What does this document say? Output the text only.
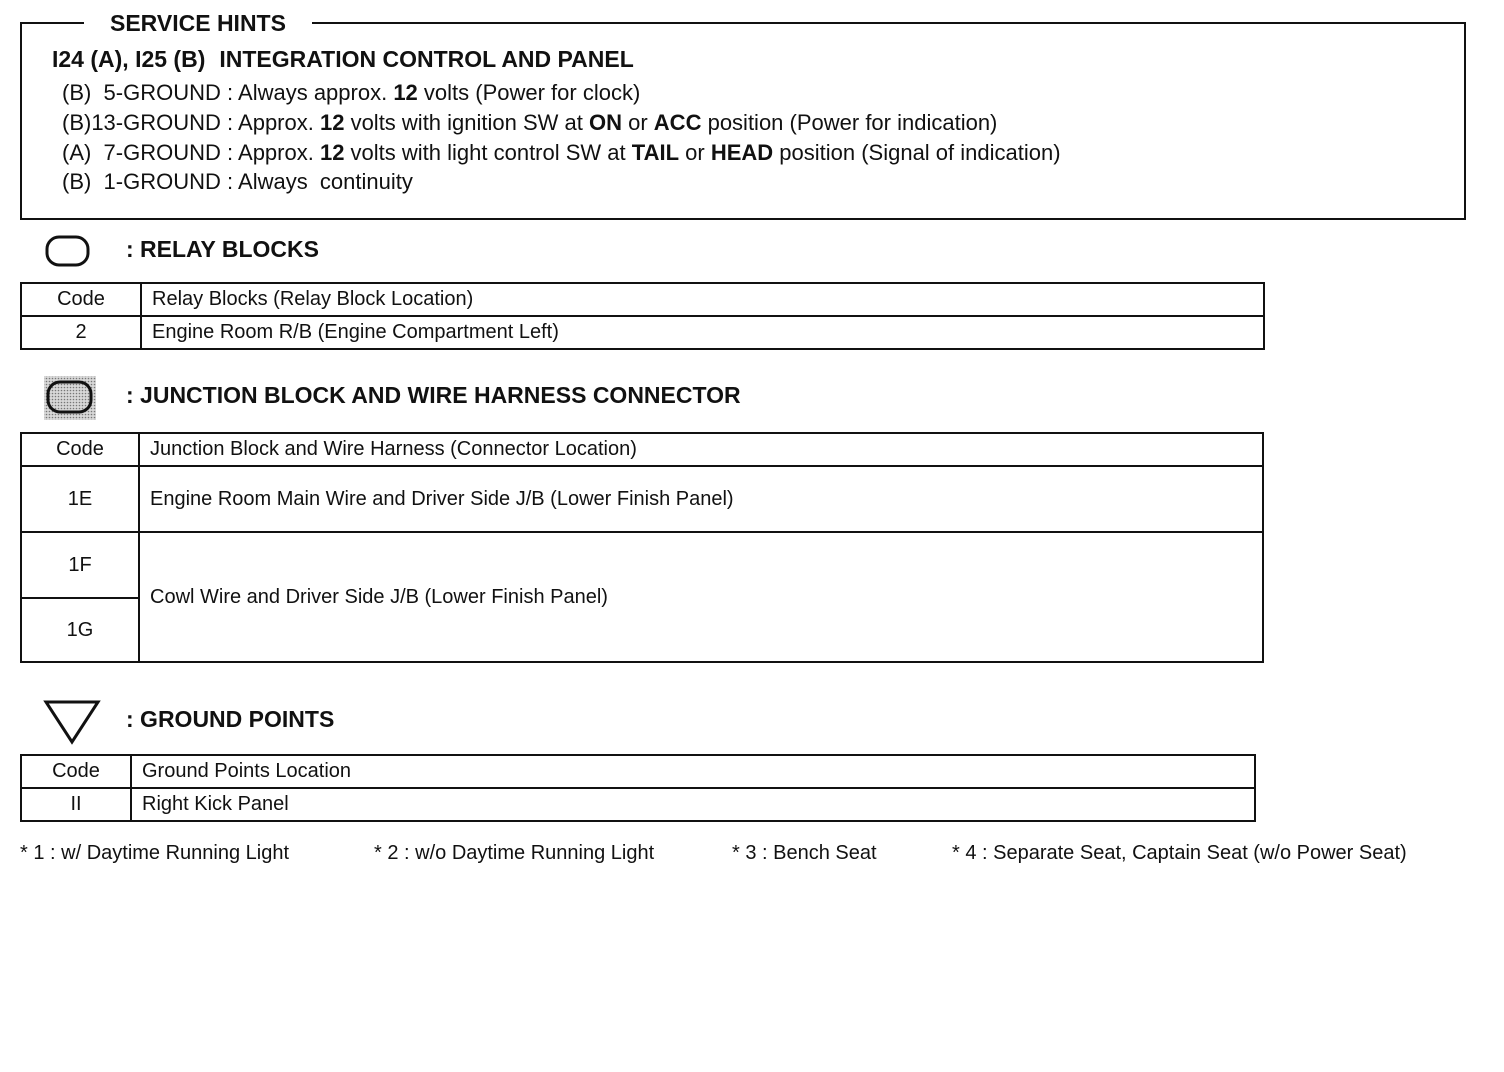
SERVICE HINTS
I24 (A), I25 (B) INTEGRATION CONTROL AND PANEL
(B)  5-GROUND : Always approx. 12 volts (Power for clock)
(B)13-GROUND : Approx. 12 volts with ignition SW at ON or ACC position (Power for indication)
(A)  7-GROUND : Approx. 12 volts with light control SW at TAIL or HEAD position (Signal of indication)
(B)  1-GROUND : Always  continuity
: RELAY BLOCKS
Code	Relay Blocks (Relay Block Location)
2	Engine Room R/B (Engine Compartment Left)
: JUNCTION BLOCK AND WIRE HARNESS CONNECTOR
Code	Junction Block and Wire Harness (Connector Location)
1E	Engine Room Main Wire and Driver Side J/B (Lower Finish Panel)
1F	Cowl Wire and Driver Side J/B (Lower Finish Panel)
1G	
: GROUND POINTS
Code	Ground Points Location
II	Right Kick Panel

* 1 : w/ Daytime Running Light

	* 2 : w/o Daytime Running Light

	* 3 : Bench Seat

	* 4 : Separate Seat, Captain Seat (w/o Power Seat)
